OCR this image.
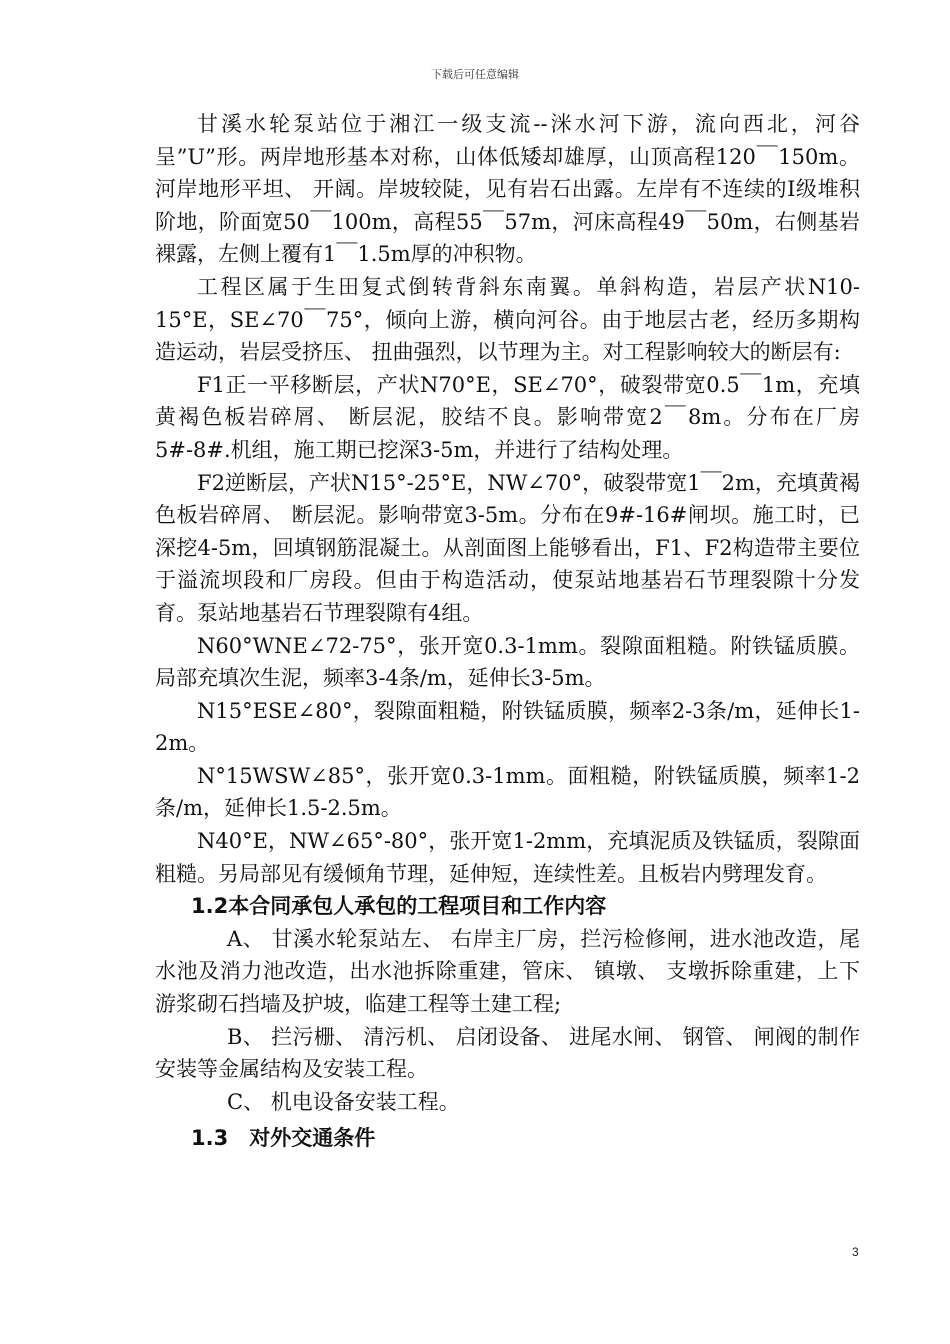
下载后可任意编辑

甘溪水轮泵站位于湘江一级支流--洣水河下游，流向西北，河谷呈”U”形。两岸地形基本对称，山体低矮却雄厚，山顶高程120￣150m。河岸地形平坦、 开阔。岸坡较陡，见有岩石出露。左岸有不连续的Ⅰ级堆积阶地，阶面宽50￣100m，高程55￣57m，河床高程49￣50m，右侧基岩裸露，左侧上覆有1￣1.5m厚的冲积物。

工程区属于生田复式倒转背斜东南翼。单斜构造，岩层产状N10-15°E，SE∠70￣75°，倾向上游，横向河谷。由于地层古老，经历多期构造运动，岩层受挤压、 扭曲强烈，以节理为主。对工程影响较大的断层有:

F1正一平移断层，产状N70°E，SE∠70°，破裂带宽0.5￣1m，充填黄褐色板岩碎屑、 断层泥，胶结不良。影响带宽2￣8m。分布在厂房5#-8#.机组，施工期已挖深3-5m，并进行了结构处理。

F2逆断层，产状N15°-25°E，NW∠70°，破裂带宽1￣2m，充填黄褐色板岩碎屑、 断层泥。影响带宽3-5m。分布在9#-16#闸坝。施工时，已深挖4-5m，回填钢筋混凝土。从剖面图上能够看出，F1、F2构造带主要位于溢流坝段和厂房段。但由于构造活动，使泵站地基岩石节理裂隙十分发育。泵站地基岩石节理裂隙有4组。

N60°WNE∠72-75°，张开宽0.3-1mm。裂隙面粗糙。附铁锰质膜。局部充填次生泥，频率3-4条/m，延伸长3-5m。

N15°ESE∠80°，裂隙面粗糙，附铁锰质膜，频率2-3条/m，延伸长1-2m。

N°15WSW∠85°，张开宽0.3-1mm。面粗糙，附铁锰质膜，频率1-2条/m，延伸长1.5-2.5m。

N40°E，NW∠65°-80°，张开宽1-2mm，充填泥质及铁锰质，裂隙面粗糙。另局部见有缓倾角节理，延伸短，连续性差。且板岩内劈理发育。

1.2本合同承包人承包的工程项目和工作内容

A、 甘溪水轮泵站左、 右岸主厂房，拦污检修闸，进水池改造，尾水池及消力池改造，出水池拆除重建，管床、 镇墩、 支墩拆除重建，上下游浆砌石挡墙及护坡，临建工程等土建工程;

B、 拦污栅、 清污机、 启闭设备、 进尾水闸、 钢管、 闸阀的制作安装等金属结构及安装工程。

C、 机电设备安装工程。

1.3　对外交通条件
3
